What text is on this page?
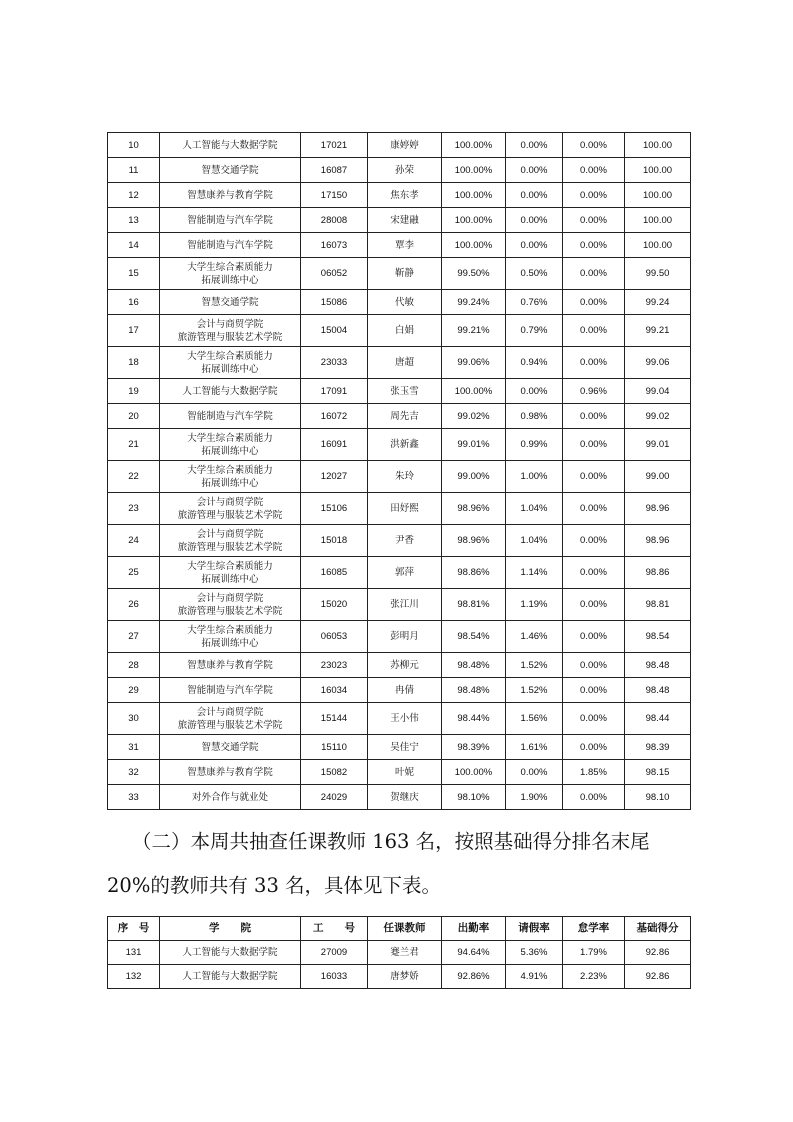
10	人工智能与大数据学院	17021	康婷婷	100.00%	0.00%	0.00%	100.00
11	智慧交通学院	16087	孙荣	100.00%	0.00%	0.00%	100.00
12	智慧康养与教育学院	17150	焦东孝	100.00%	0.00%	0.00%	100.00
13	智能制造与汽车学院	28008	宋建融	100.00%	0.00%	0.00%	100.00
14	智能制造与汽车学院	16073	覃李	100.00%	0.00%	0.00%	100.00
15	大学生综合素质能力
拓展训练中心	06052	靳静	99.50%	0.50%	0.00%	99.50
16	智慧交通学院	15086	代敏	99.24%	0.76%	0.00%	99.24
17	会计与商贸学院
旅游管理与服装艺术学院	15004	白娟	99.21%	0.79%	0.00%	99.21
18	大学生综合素质能力
拓展训练中心	23033	唐超	99.06%	0.94%	0.00%	99.06
19	人工智能与大数据学院	17091	张玉雪	100.00%	0.00%	0.96%	99.04
20	智能制造与汽车学院	16072	周先吉	99.02%	0.98%	0.00%	99.02
21	大学生综合素质能力
拓展训练中心	16091	洪新鑫	99.01%	0.99%	0.00%	99.01
22	大学生综合素质能力
拓展训练中心	12027	朱玲	99.00%	1.00%	0.00%	99.00
23	会计与商贸学院
旅游管理与服装艺术学院	15106	田妤熙	98.96%	1.04%	0.00%	98.96
24	会计与商贸学院
旅游管理与服装艺术学院	15018	尹香	98.96%	1.04%	0.00%	98.96
25	大学生综合素质能力
拓展训练中心	16085	郭萍	98.86%	1.14%	0.00%	98.86
26	会计与商贸学院
旅游管理与服装艺术学院	15020	张江川	98.81%	1.19%	0.00%	98.81
27	大学生综合素质能力
拓展训练中心	06053	彭明月	98.54%	1.46%	0.00%	98.54
28	智慧康养与教育学院	23023	苏柳元	98.48%	1.52%	0.00%	98.48
29	智能制造与汽车学院	16034	冉倩	98.48%	1.52%	0.00%	98.48
30	会计与商贸学院
旅游管理与服装艺术学院	15144	王小伟	98.44%	1.56%	0.00%	98.44
31	智慧交通学院	15110	吴佳宁	98.39%	1.61%	0.00%	98.39
32	智慧康养与教育学院	15082	叶妮	100.00%	0.00%	1.85%	98.15
33	对外合作与就业处	24029	贺继庆	98.10%	1.90%	0.00%	98.10
（二）本周共抽查任课教师 163 名，按照基础得分排名末尾
20%的教师共有 33 名，具体见下表。
序　号	学　　院	工　　号	任课教师	出勤率	请假率	怠学率	基础得分
131	人工智能与大数据学院	27009	蹇兰君	94.64%	5.36%	1.79%	92.86
132	人工智能与大数据学院	16033	唐梦娇	92.86%	4.91%	2.23%	92.86
